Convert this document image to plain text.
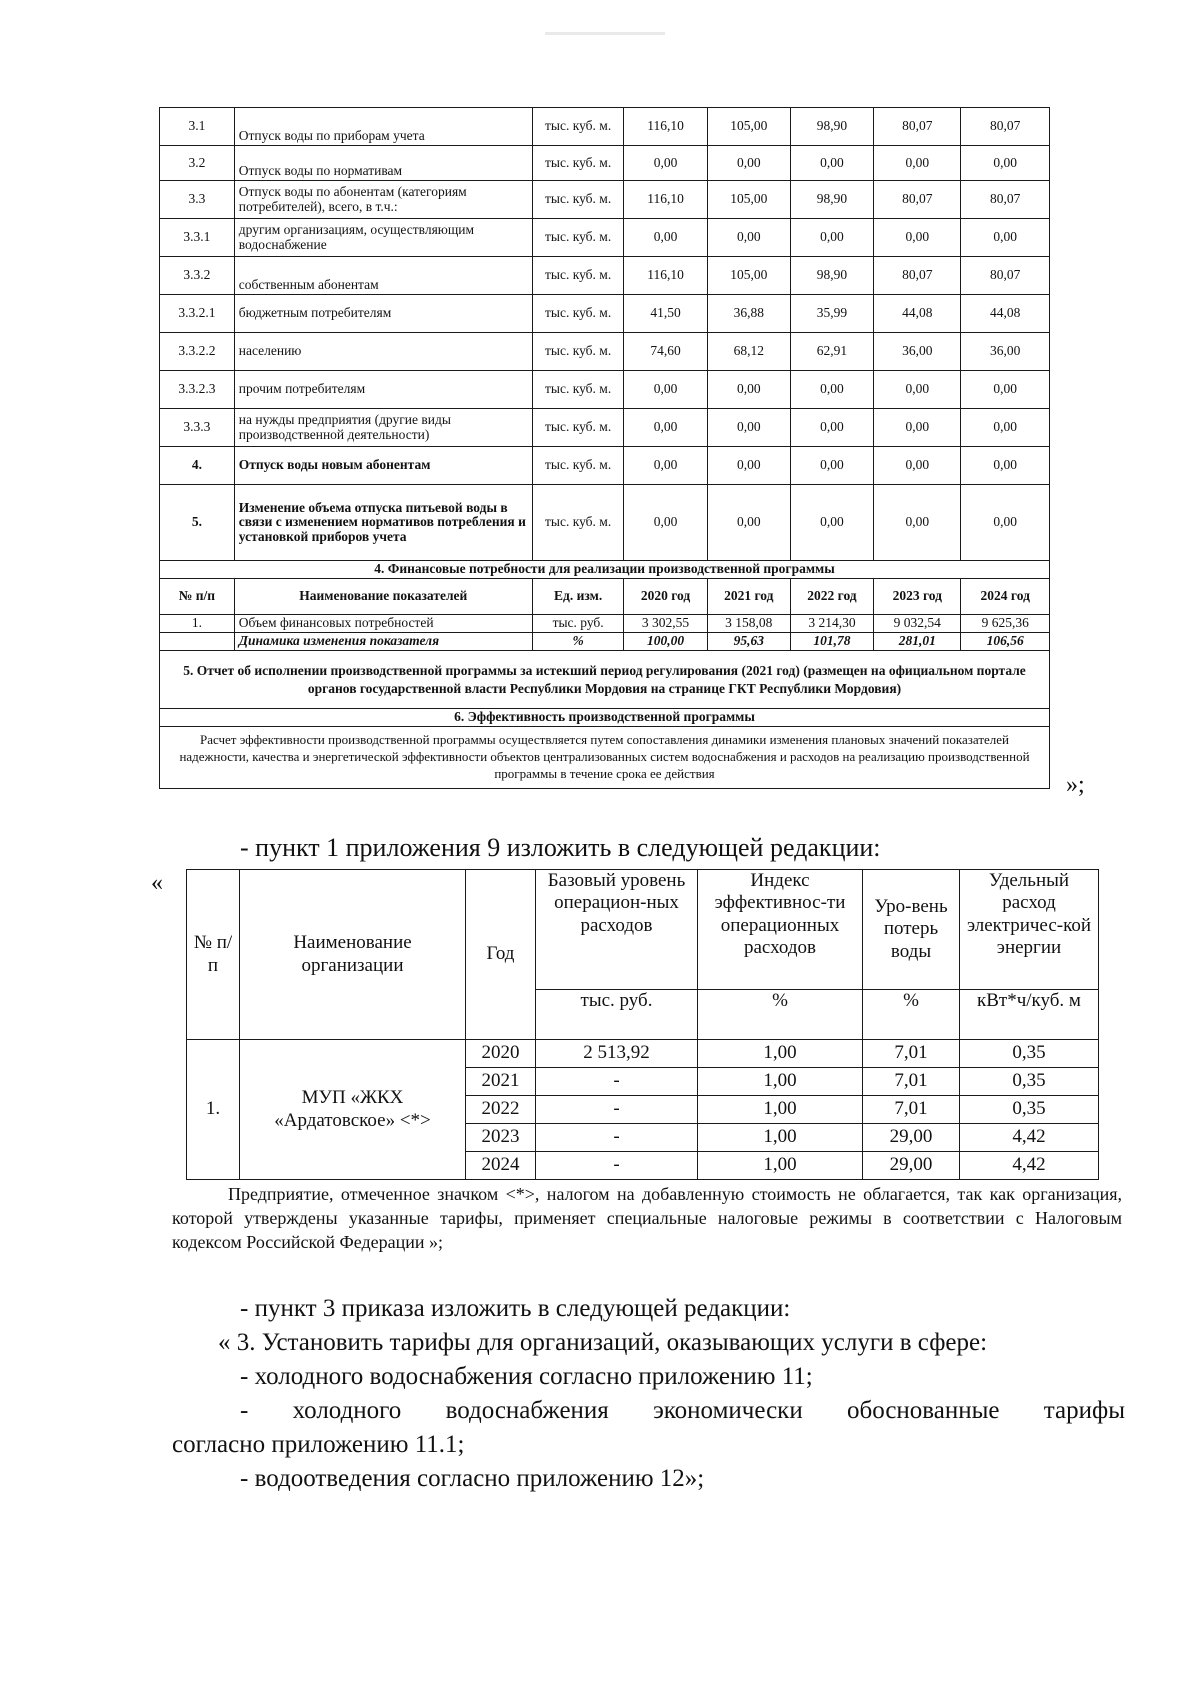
3.1	Отпуск воды по приборам учета	тыс. куб. м.	116,10	105,00	98,90	80,07	80,07
3.2	Отпуск воды по нормативам	тыс. куб. м.	0,00	0,00	0,00	0,00	0,00
3.3	Отпуск воды по абонентам (категориям потребителей), всего, в т.ч.:	тыс. куб. м.	116,10	105,00	98,90	80,07	80,07
3.3.1	другим организациям, осуществляющим водоснабжение	тыс. куб. м.	0,00	0,00	0,00	0,00	0,00
3.3.2	собственным абонентам	тыс. куб. м.	116,10	105,00	98,90	80,07	80,07
3.3.2.1	бюджетным потребителям	тыс. куб. м.	41,50	36,88	35,99	44,08	44,08
3.3.2.2	населению	тыс. куб. м.	74,60	68,12	62,91	36,00	36,00
3.3.2.3	прочим потребителям	тыс. куб. м.	0,00	0,00	0,00	0,00	0,00
3.3.3	на нужды предприятия (другие виды производственной деятельности)	тыс. куб. м.	0,00	0,00	0,00	0,00	0,00
4.	Отпуск воды новым абонентам	тыс. куб. м.	0,00	0,00	0,00	0,00	0,00
5.	Изменение объема отпуска питьевой воды в связи с изменением нормативов потребления и установкой приборов учета	тыс. куб. м.	0,00	0,00	0,00	0,00	0,00
4. Финансовые потребности для реализации производственной программы							
№ п/п	Наименование показателей	Ед. изм.	2020 год	2021 год	2022 год	2023 год	2024 год
1.	Объем финансовых потребностей	тыс. руб.	3 302,55	3 158,08	3 214,30	9 032,54	9 625,36
	Динамика изменения показателя	%	100,00	95,63	101,78	281,01	106,56
5. Отчет об исполнении производственной программы за истекший период регулирования (2021 год) (размещен на официальном портале органов государственной власти Республики Мордовия на странице ГКТ Республики Мордовия)							
6. Эффективность производственной программы							
Расчет эффективности производственной программы осуществляется путем сопоставления динамики изменения плановых значений показателей надежности, качества и энергетической эффективности объектов централизованных систем водоснабжения и расходов на реализацию производственной программы в течение срока ее действия								»;
- пункт 1 приложения 9 изложить в следующей редакции:
«
№ п/ п	Наименование организации	Год	Базовый уровень операцион-ных расходов	Индекс эффективнос-ти операционных расходов	Уро-вень потерь воды	Удельный расход электричес-кой энергии
			тыс. руб.	%	%	кВт*ч/куб. м
1.	МУП «ЖКХ «Ардатовское» <*>	2020	2 513,92	1,00	7,01	0,35
		2021	-	1,00	7,01	0,35
		2022	-	1,00	7,01	0,35
		2023	-	1,00	29,00	4,42
		2024	-	1,00	29,00	4,42
Предприятие, отмеченное значком <*>, налогом на добавленную стоимость не облагается, так как организация, которой утверждены указанные тарифы, применяет специальные налоговые режимы в соответствии с Налоговым кодексом Российской Федерации »;
- пункт 3 приказа изложить в следующей редакции:
« 3. Установить тарифы для организаций, оказывающих услуги в сфере:
- холодного водоснабжения согласно приложению 11;
- холодного водоснабжения экономически обоснованные тарифы
согласно приложению 11.1;
- водоотведения согласно приложению 12»;
